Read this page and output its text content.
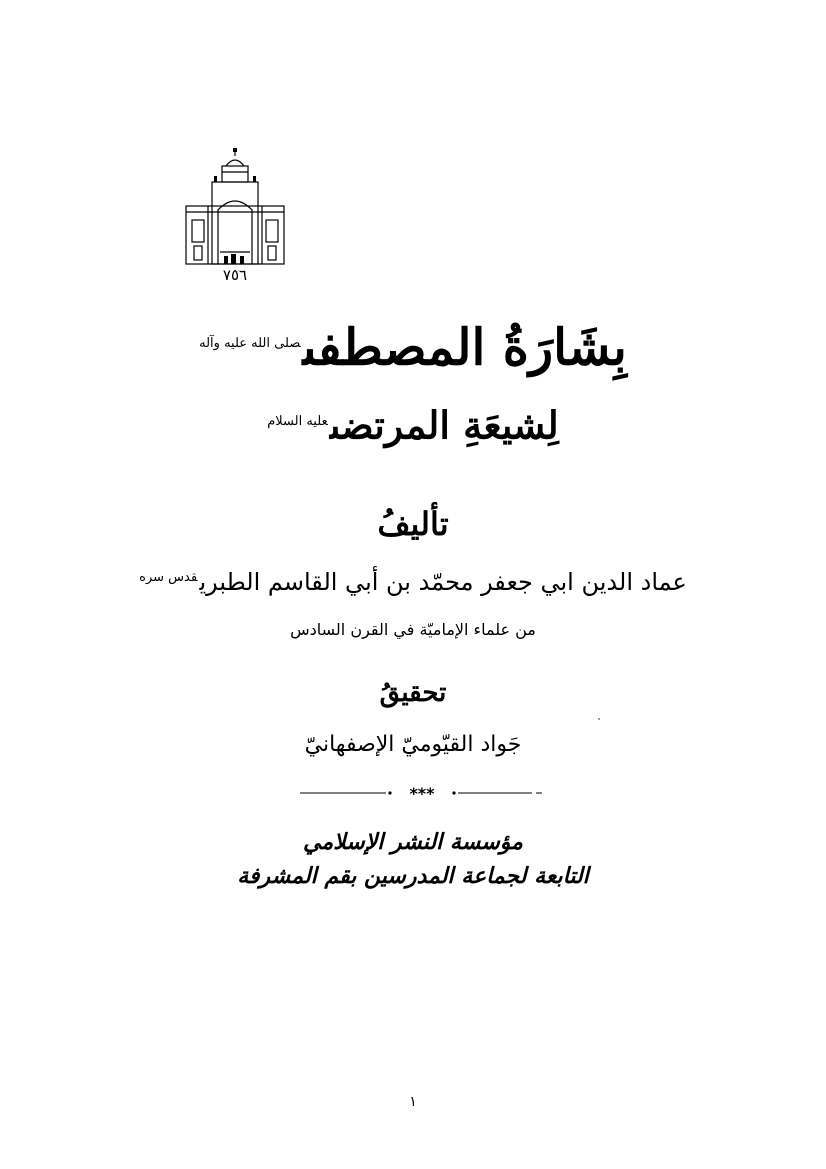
٧٥٦
بِشَارَةُ المصطفى$^{صلى الله عليه وآله}$
لِشيعَةِ المرتضى$^{عليه السلام}$
تأليفُ
عماد الدين ابي جعفر محمّد بن أبي القاسم الطبري$^{قدس سره}$
من علماء الإماميّة في القرن السادس
تحقيقُ
جَواد القيّوميّ الإصفهانيّ
***
مؤسسة النشر الإسلامي
التابعة لجماعة المدرسين بقم المشرفة
١
